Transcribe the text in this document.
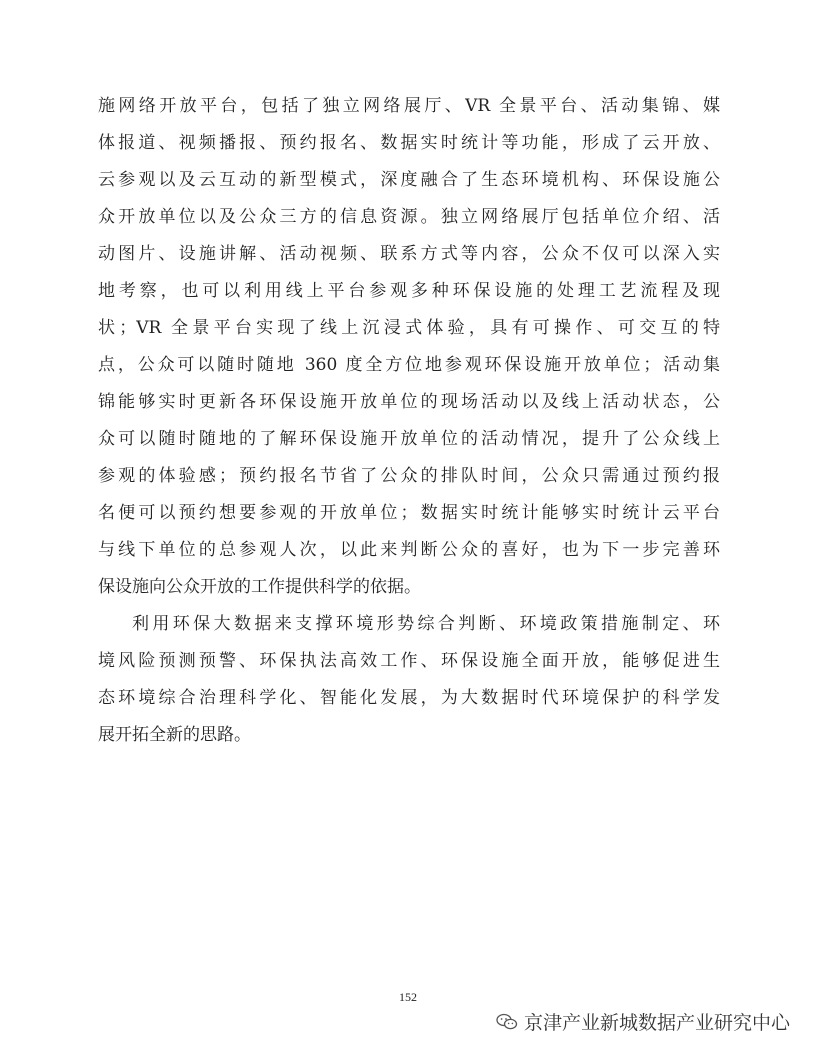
施网络开放平台，包括了独立网络展厅、VR 全景平台、活动集锦、媒
体报道、视频播报、预约报名、数据实时统计等功能，形成了云开放、
云参观以及云互动的新型模式，深度融合了生态环境机构、环保设施公
众开放单位以及公众三方的信息资源。独立网络展厅包括单位介绍、活
动图片、设施讲解、活动视频、联系方式等内容，公众不仅可以深入实
地考察，也可以利用线上平台参观多种环保设施的处理工艺流程及现
状；VR 全景平台实现了线上沉浸式体验，具有可操作、可交互的特
点，公众可以随时随地 360 度全方位地参观环保设施开放单位；活动集
锦能够实时更新各环保设施开放单位的现场活动以及线上活动状态，公
众可以随时随地的了解环保设施开放单位的活动情况，提升了公众线上
参观的体验感；预约报名节省了公众的排队时间，公众只需通过预约报
名便可以预约想要参观的开放单位；数据实时统计能够实时统计云平台
与线下单位的总参观人次，以此来判断公众的喜好，也为下一步完善环
保设施向公众开放的工作提供科学的依据。
利用环保大数据来支撑环境形势综合判断、环境政策措施制定、环
境风险预测预警、环保执法高效工作、环保设施全面开放，能够促进生
态环境综合治理科学化、智能化发展，为大数据时代环境保护的科学发
展开拓全新的思路。
152
京津产业新城数据产业研究中心
